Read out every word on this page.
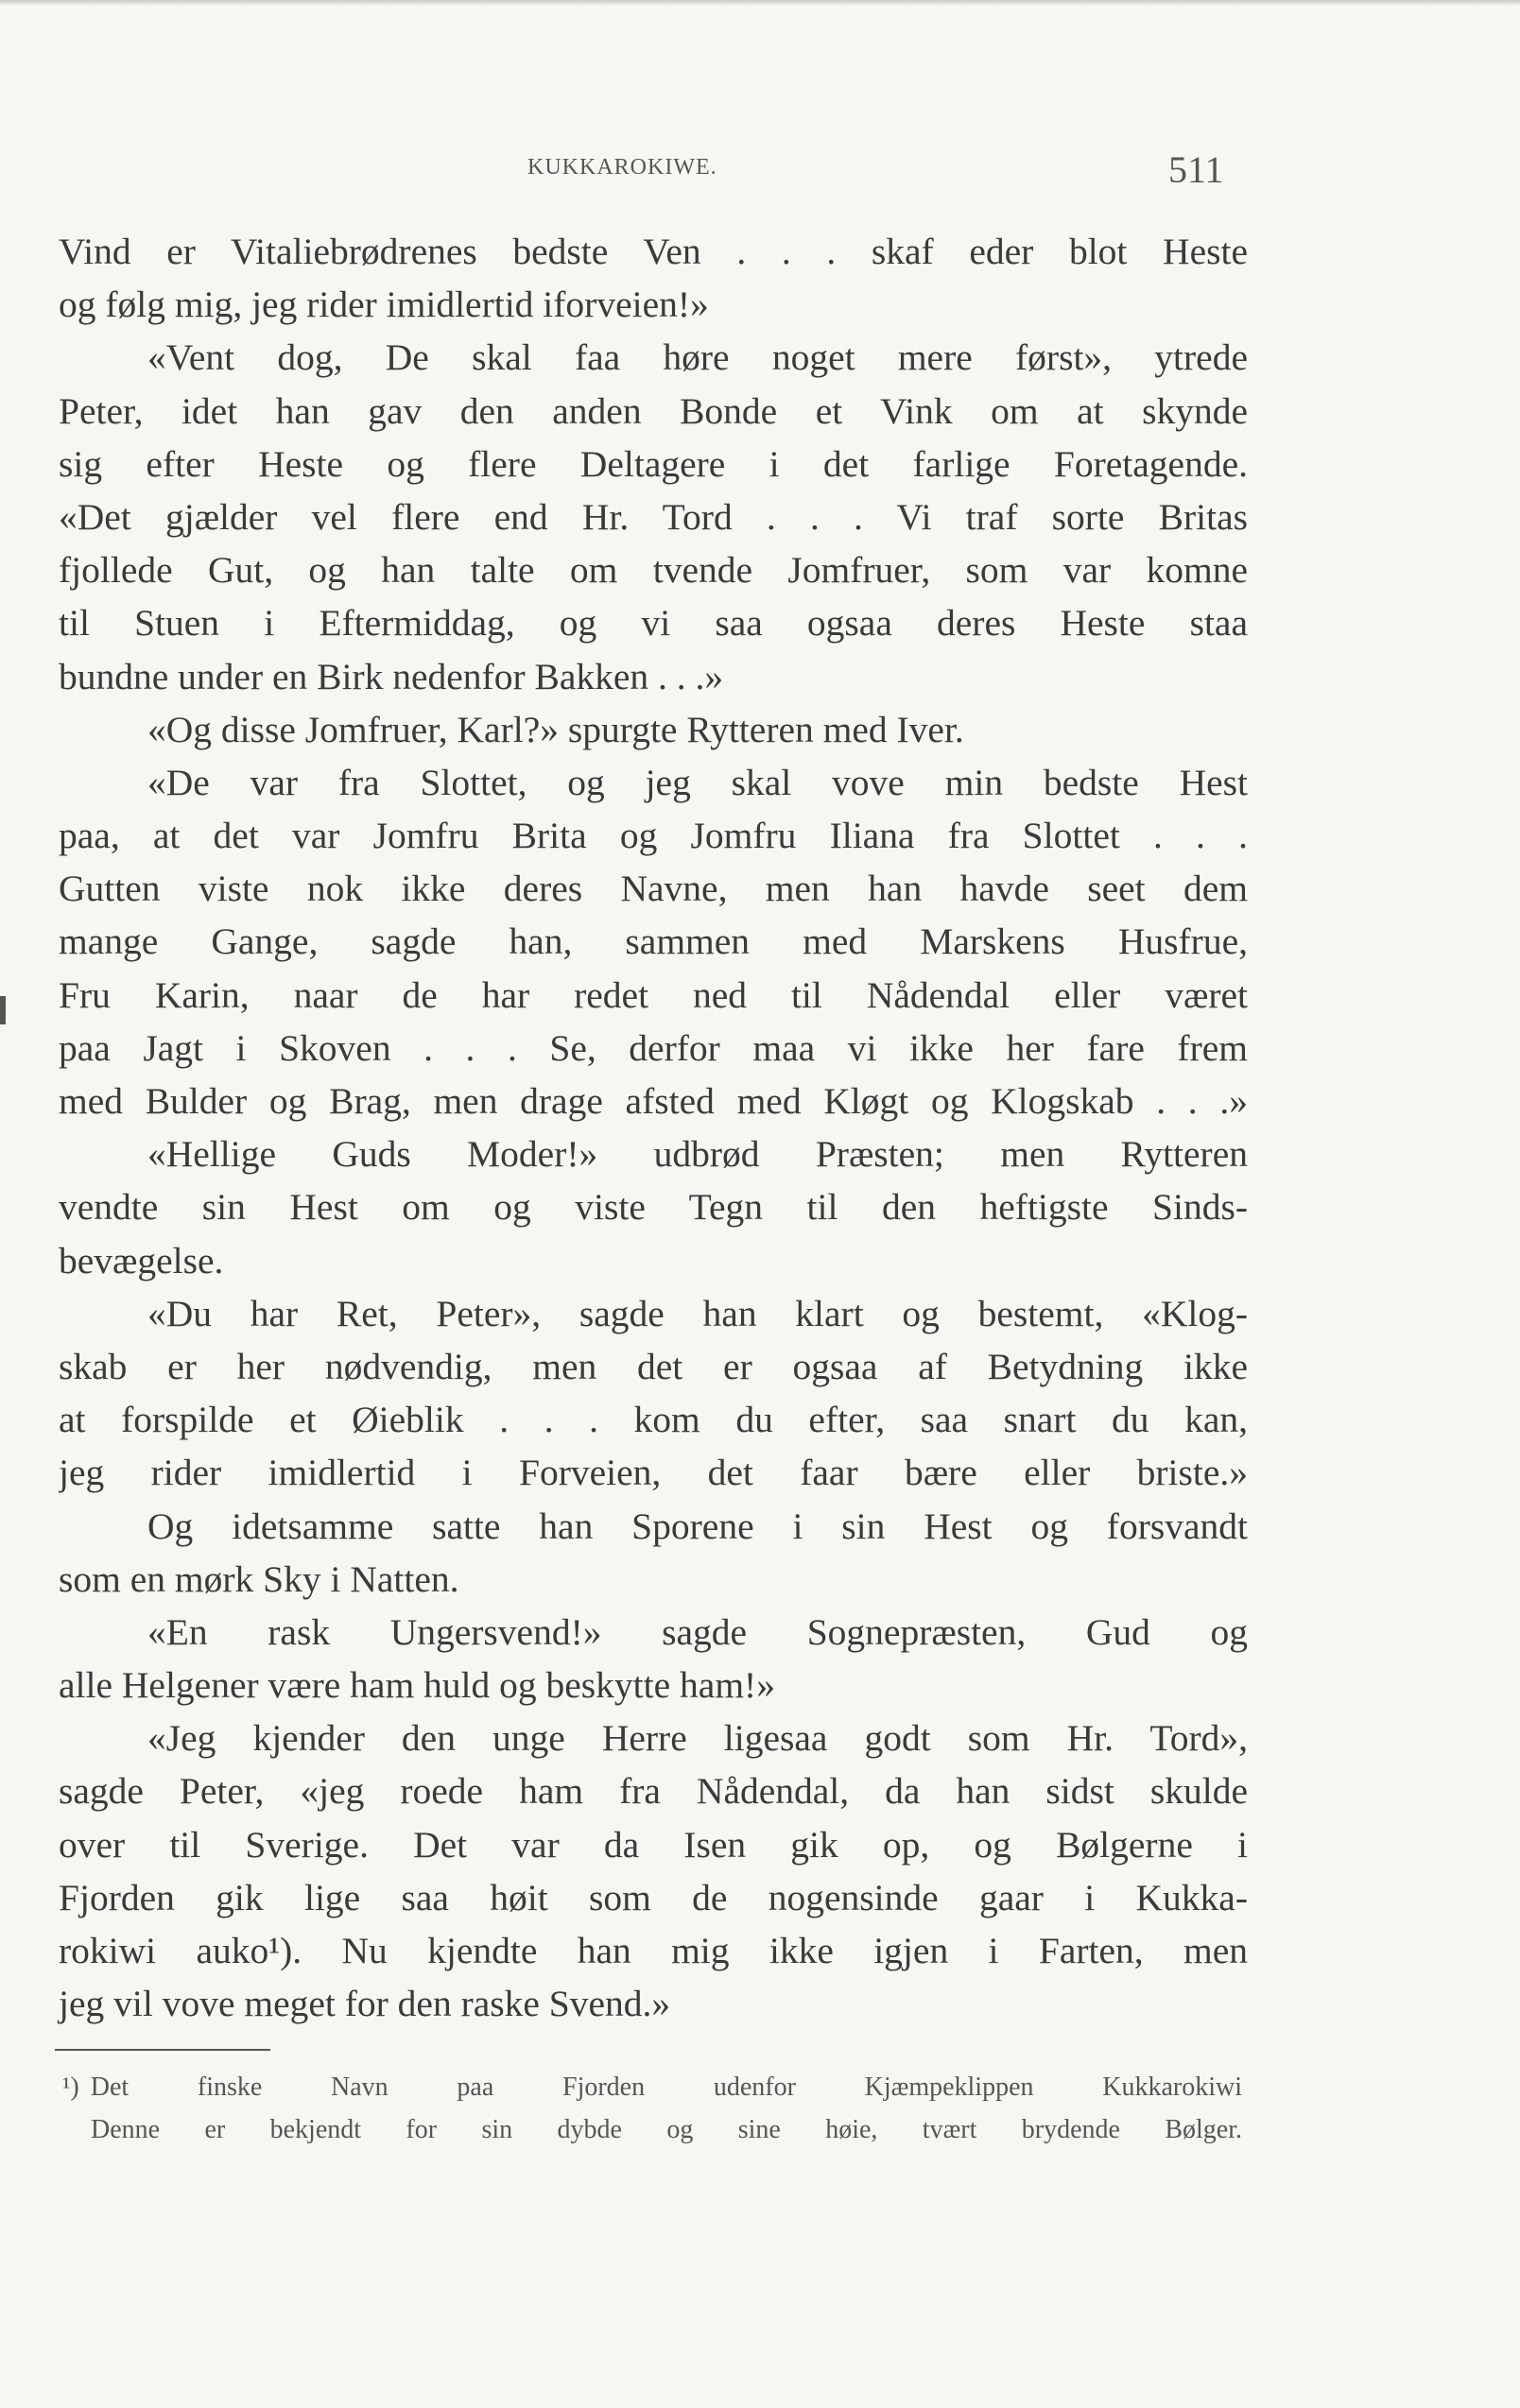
KUKKAROKIWE.	511
Vind er Vitaliebrødrenes bedste Ven . . . skaf eder blot Heste
og følg mig, jeg rider imidlertid iforveien!»
«Vent dog, De skal faa høre noget mere først», ytrede
Peter, idet han gav den anden Bonde et Vink om at skynde
sig efter Heste og flere Deltagere i det farlige Foretagende.
«Det gjælder vel flere end Hr. Tord . . . Vi traf sorte Britas
fjollede Gut, og han talte om tvende Jomfruer, som var komne
til Stuen i Eftermiddag, og vi saa ogsaa deres Heste staa
bundne under en Birk nedenfor Bakken . . .»
«Og disse Jomfruer, Karl?» spurgte Rytteren med Iver.
«De var fra Slottet, og jeg skal vove min bedste Hest
paa, at det var Jomfru Brita og Jomfru Iliana fra Slottet . . .
Gutten viste nok ikke deres Navne, men han havde seet dem
mange Gange, sagde han, sammen med Marskens Husfrue,
Fru Karin, naar de har redet ned til Nådendal eller været
paa Jagt i Skoven . . . Se, derfor maa vi ikke her fare frem
med Bulder og Brag, men drage afsted med Kløgt og Klogskab . . .»
«Hellige Guds Moder!» udbrød Præsten; men Rytteren
vendte sin Hest om og viste Tegn til den heftigste Sinds-
bevægelse.
«Du har Ret, Peter», sagde han klart og bestemt, «Klog-
skab er her nødvendig, men det er ogsaa af Betydning ikke
at forspilde et Øieblik . . . kom du efter, saa snart du kan,
jeg rider imidlertid i Forveien, det faar bære eller briste.»
Og idetsamme satte han Sporene i sin Hest og forsvandt
som en mørk Sky i Natten.
«En rask Ungersvend!» sagde Sognepræsten, Gud og
alle Helgener være ham huld og beskytte ham!»
«Jeg kjender den unge Herre ligesaa godt som Hr. Tord»,
sagde Peter, «jeg roede ham fra Nådendal, da han sidst skulde
over til Sverige. Det var da Isen gik op, og Bølgerne i
Fjorden gik lige saa høit som de nogensinde gaar i Kukka-
rokiwi auko¹). Nu kjendte han mig ikke igjen i Farten, men
jeg vil vove meget for den raske Svend.»
¹) Det finske Navn paa Fjorden udenfor Kjæmpeklippen Kukkarokiwi
Denne er bekjendt for sin dybde og sine høie, tvært brydende Bølger.
